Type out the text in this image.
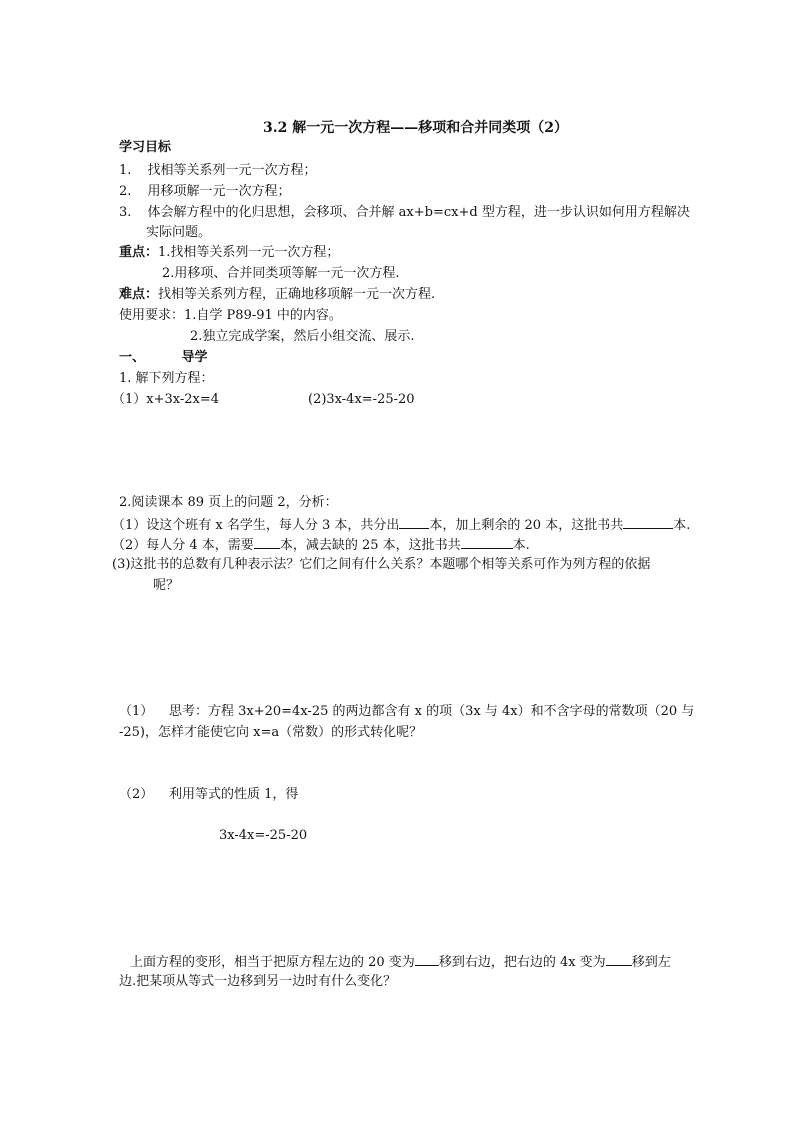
3.2 解一元一次方程——移项和合并同类项（2）
学习目标
1. 找相等关系列一元一次方程；
2. 用移项解一元一次方程；
3. 体会解方程中的化归思想，会移项、合并解 ax+b=cx+d 型方程，进一步认识如何用方程解决
实际问题。
重点：1.找相等关系列一元一次方程；
2.用移项、合并同类项等解一元一次方程.
难点：找相等关系列方程，正确地移项解一元一次方程.
使用要求：1.自学 P89-91 中的内容。
2.独立完成学案，然后小组交流、展示.
一、	导学
1. 解下列方程：
（1）x+3x-2x=4	(2)3x-4x=-25-20
2.阅读课本 89 页上的问题 2，分析：
（1）设这个班有 x 名学生，每人分 3 本，共分出 本，加上剩余的 20 本，这批书共	本.
（2）每人分 4 本，需要 本，减去缺的 25 本，这批书共	本.
(3)这批书的总数有几种表示法？它们之间有什么关系？本题哪个相等关系可作为列方程的依据
呢？
（1） 思考：方程 3x+20=4x-25 的两边都含有 x 的项（3x 与 4x）和不含字母的常数项（20 与
-25)，怎样才能使它向 x=a（常数）的形式转化呢？
（2） 利用等式的性质 1，得
3x-4x=-25-20
上面方程的变形，相当于把原方程左边的 20 变为 移到右边，把右边的 4x 变为 移到左
边.把某项从等式一边移到另一边时有什么变化？
